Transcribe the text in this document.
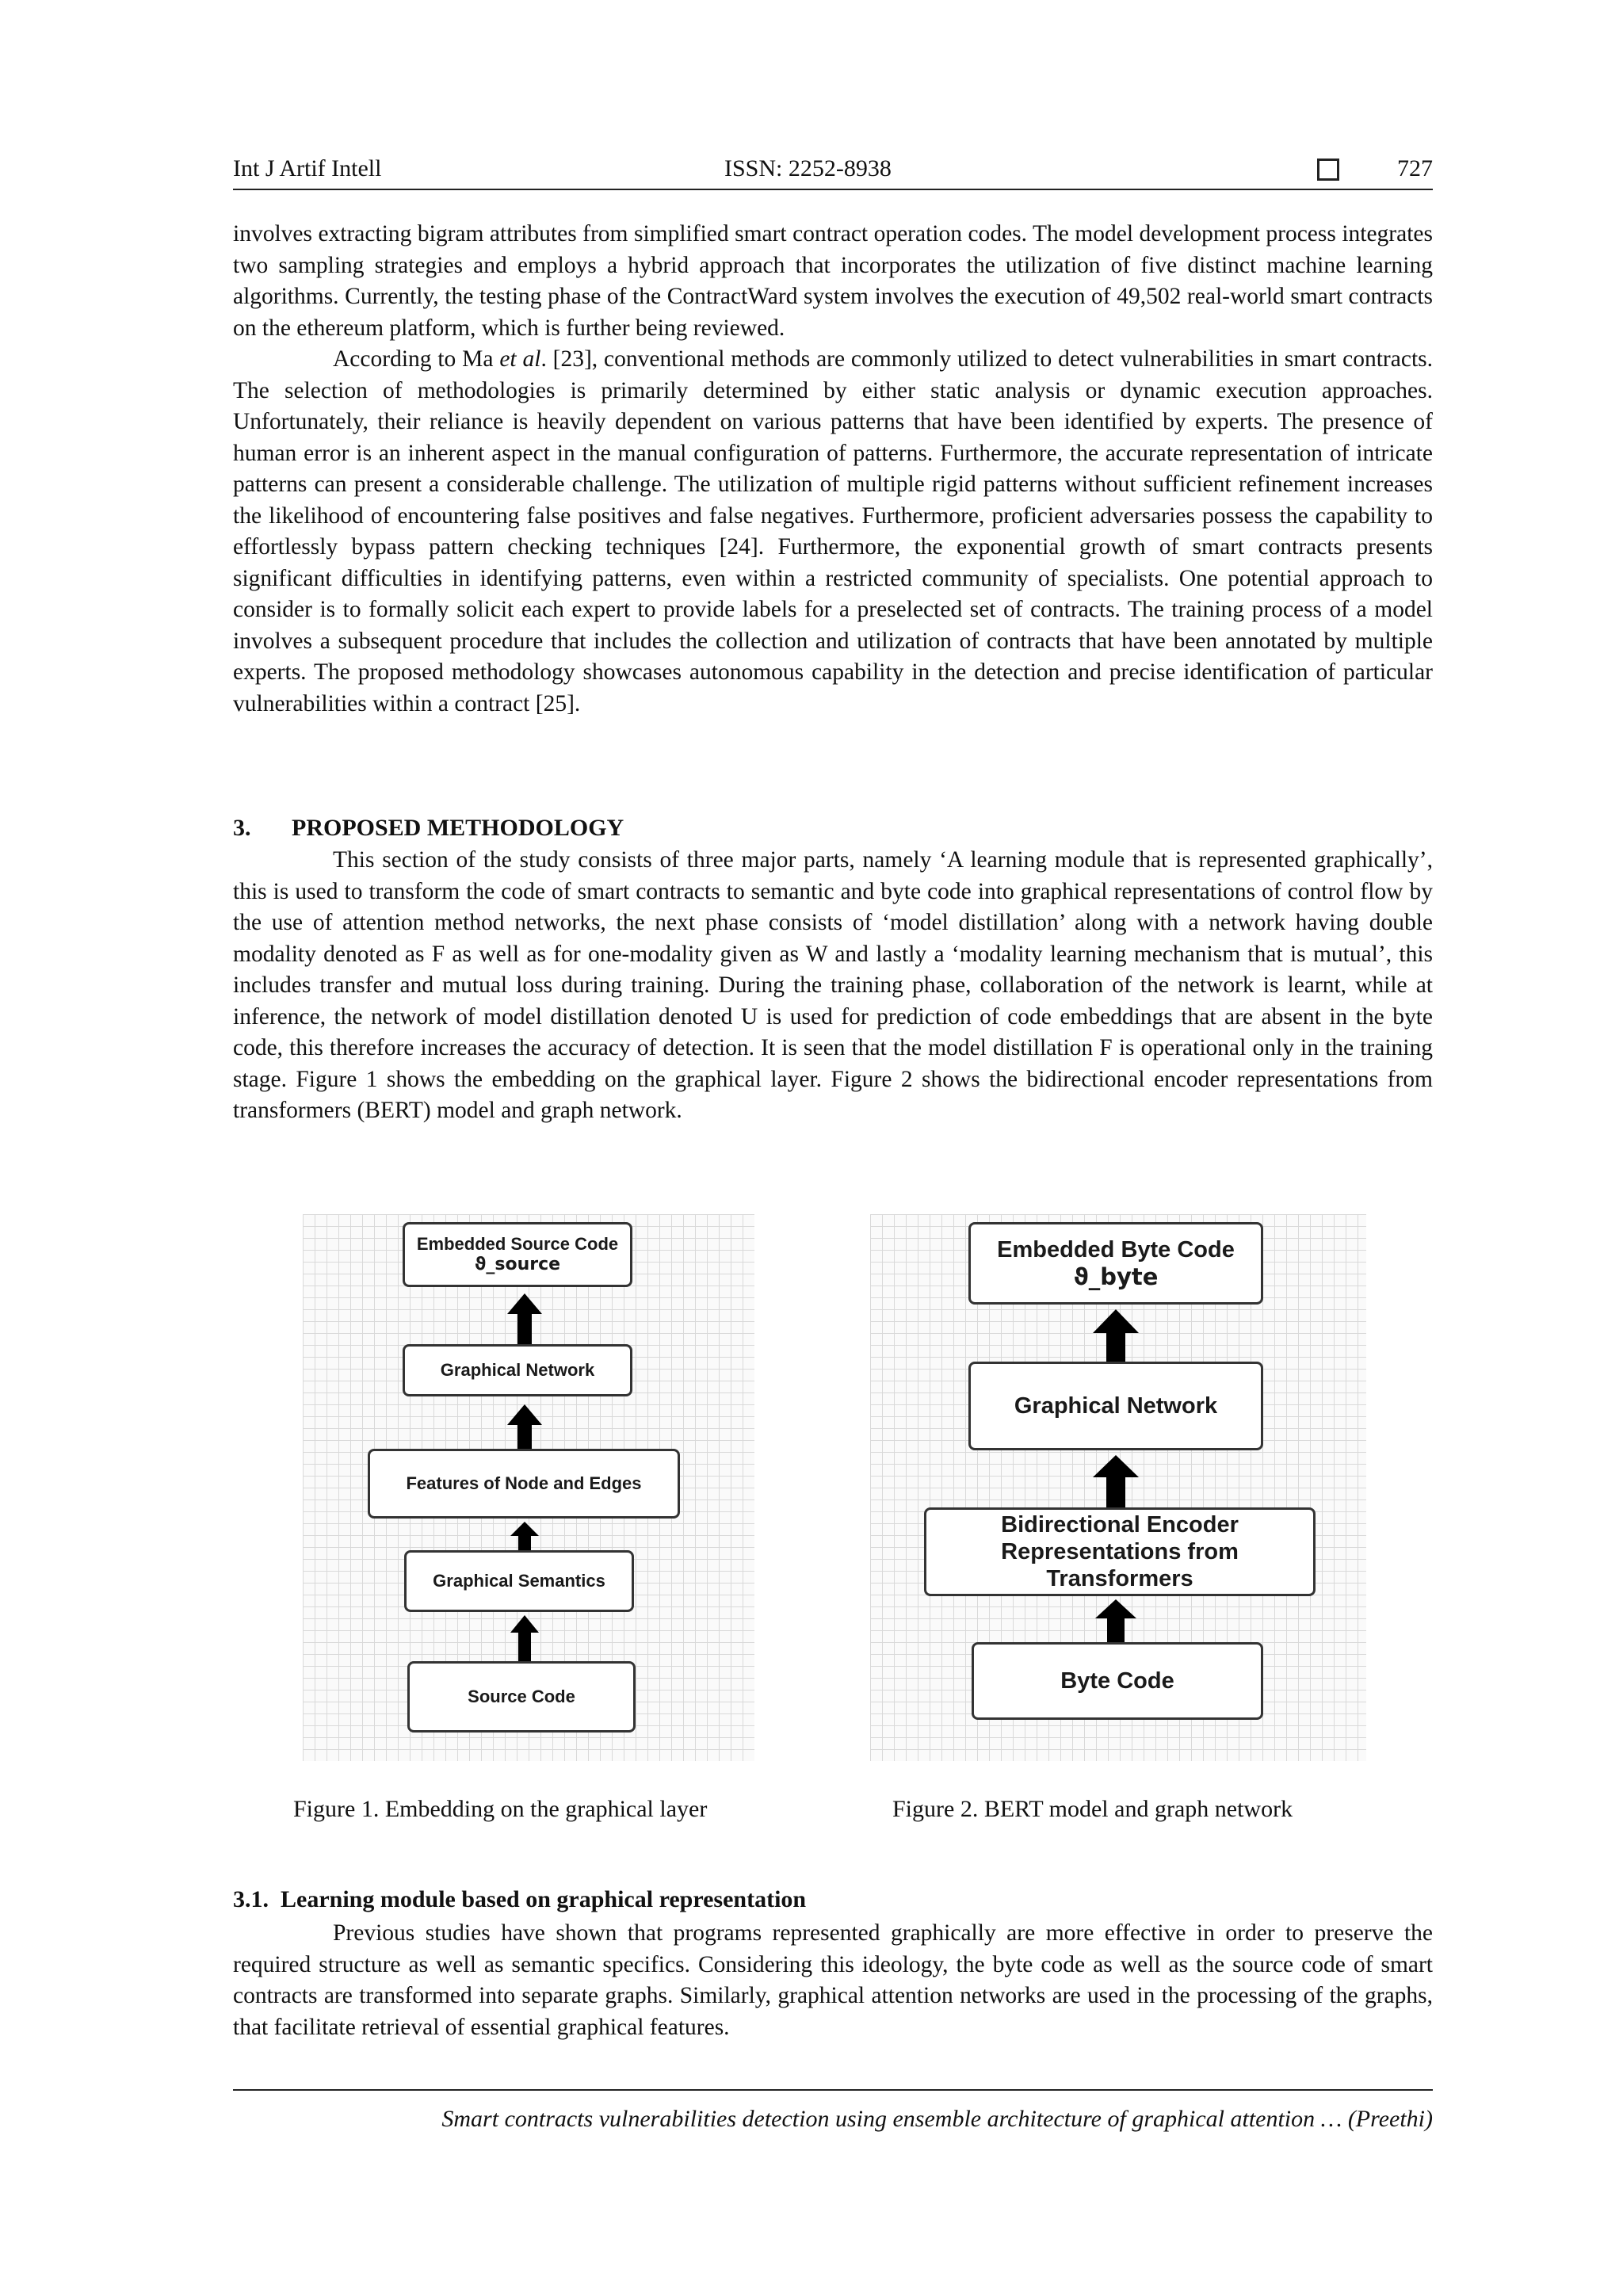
Int J Artif Intell	ISSN: 2252-8938	727

involves extracting bigram attributes from simplified smart contract operation codes. The model development process integrates two sampling strategies and employs a hybrid approach that incorporates the utilization of five distinct machine learning algorithms. Currently, the testing phase of the ContractWard system involves the execution of 49,502 real-world smart contracts on the ethereum platform, which is further being reviewed.

According to Ma et al. [23], conventional methods are commonly utilized to detect vulnerabilities in smart contracts. The selection of methodologies is primarily determined by either static analysis or dynamic execution approaches. Unfortunately, their reliance is heavily dependent on various patterns that have been identified by experts. The presence of human error is an inherent aspect in the manual configuration of patterns. Furthermore, the accurate representation of intricate patterns can present a considerable challenge. The utilization of multiple rigid patterns without sufficient refinement increases the likelihood of encountering false positives and false negatives. Furthermore, proficient adversaries possess the capability to effortlessly bypass pattern checking techniques [24]. Furthermore, the exponential growth of smart contracts presents significant difficulties in identifying patterns, even within a restricted community of specialists. One potential approach to consider is to formally solicit each expert to provide labels for a preselected set of contracts. The training process of a model involves a subsequent procedure that includes the collection and utilization of contracts that have been annotated by multiple experts. The proposed methodology showcases autonomous capability in the detection and precise identification of particular vulnerabilities within a contract [25].

3. PROPOSED METHODOLOGY

This section of the study consists of three major parts, namely ‘A learning module that is represented graphically’, this is used to transform the code of smart contracts to semantic and byte code into graphical representations of control flow by the use of attention method networks, the next phase consists of ‘model distillation’ along with a network having double modality denoted as F as well as for one-modality given as W and lastly a ‘modality learning mechanism that is mutual’, this includes transfer and mutual loss during training. During the training phase, collaboration of the network is learnt, while at inference, the network of model distillation denoted U is used for prediction of code embeddings that are absent in the byte code, this therefore increases the accuracy of detection. It is seen that the model distillation F is operational only in the training stage. Figure 1 shows the embedding on the graphical layer. Figure 2 shows the bidirectional encoder representations from transformers (BERT) model and graph network.

Embedded Source Code
ϑ_source
Graphical Network
Features of Node and Edges
Graphical Semantics
Source Code
Embedded Byte Code
ϑ_byte
Graphical Network
Bidirectional Encoder
Representations from
Transformers
Byte Code
Figure 1. Embedding on the graphical layer	Figure 2. BERT model and graph network
3.1. Learning module based on graphical representation

Previous studies have shown that programs represented graphically are more effective in order to preserve the required structure as well as semantic specifics. Considering this ideology, the byte code as well as the source code of smart contracts are transformed into separate graphs. Similarly, graphical attention networks are used in the processing of the graphs, that facilitate retrieval of essential graphical features.

Smart contracts vulnerabilities detection using ensemble architecture of graphical attention … (Preethi)
